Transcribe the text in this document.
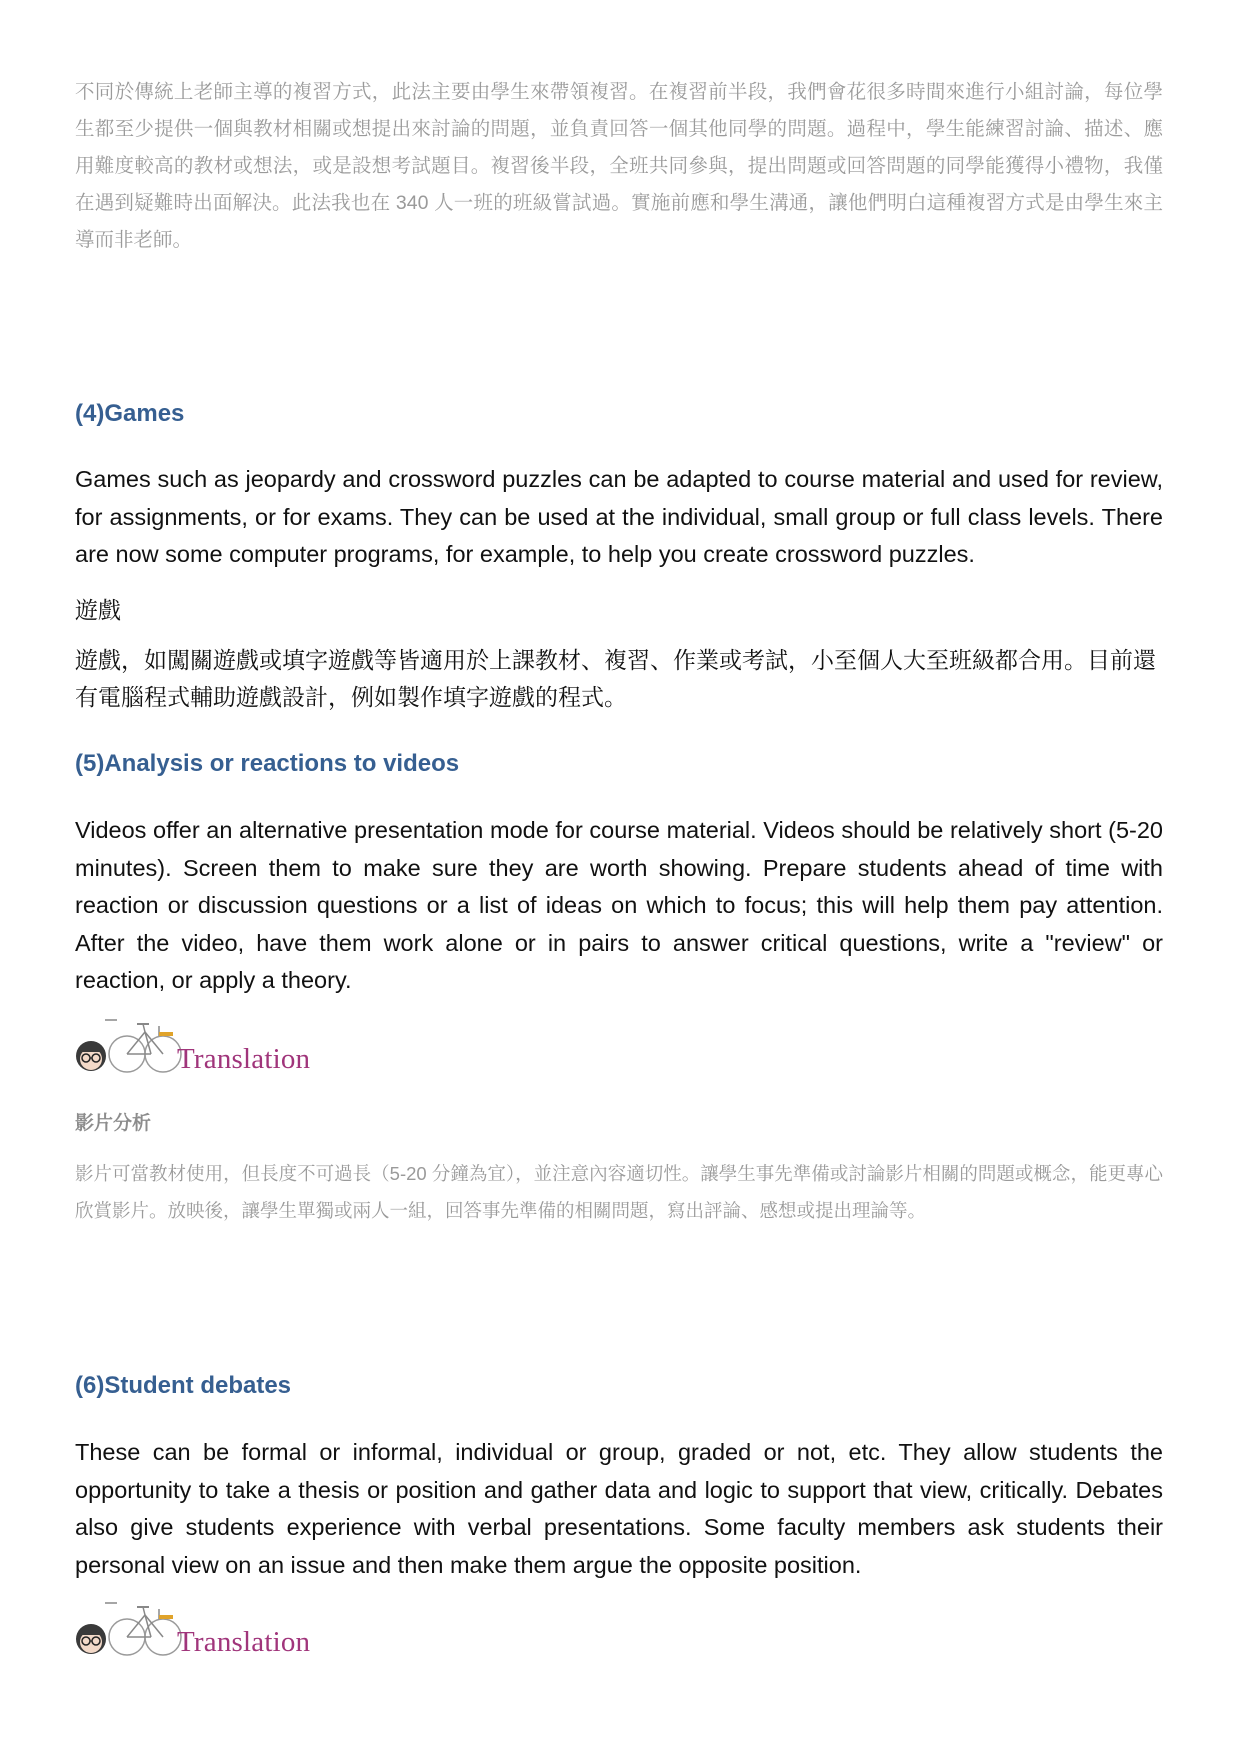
不同於傳統上老師主導的複習方式，此法主要由學生來帶領複習。在複習前半段，我們會花很多時間來進行小組討論，每位學生都至少提供一個與教材相關或想提出來討論的問題，並負責回答一個其他同學的問題。過程中，學生能練習討論、描述、應用難度較高的教材或想法，或是設想考試題目。複習後半段，全班共同參與，提出問題或回答問題的同學能獲得小禮物，我僅在遇到疑難時出面解決。此法我也在 340 人一班的班級嘗試過。實施前應和學生溝通，讓他們明白這種複習方式是由學生來主導而非老師。

(4)Games

Games such as jeopardy and crossword puzzles can be adapted to course material and used for review, for assignments, or for exams. They can be used at the individual, small group or full class levels. There are now some computer programs, for example, to help you create crossword puzzles.

遊戲

遊戲，如闖關遊戲或填字遊戲等皆適用於上課教材、複習、作業或考試，小至個人大至班級都合用。目前還有電腦程式輔助遊戲設計，例如製作填字遊戲的程式。

(5)Analysis or reactions to videos

Videos offer an alternative presentation mode for course material. Videos should be relatively short (5-20 minutes). Screen them to make sure they are worth showing. Prepare students ahead of time with reaction or discussion questions or a list of ideas on which to focus; this will help them pay attention. After the video, have them work alone or in pairs to answer critical questions, write a "review" or reaction, or apply a theory.

Translation

影片分析

影片可當教材使用，但長度不可過長（5-20 分鐘為宜），並注意內容適切性。讓學生事先準備或討論影片相關的問題或概念，能更專心欣賞影片。放映後，讓學生單獨或兩人一組，回答事先準備的相關問題，寫出評論、感想或提出理論等。

(6)Student debates

These can be formal or informal, individual or group, graded or not, etc. They allow students the opportunity to take a thesis or position and gather data and logic to support that view, critically. Debates also give students experience with verbal presentations. Some faculty members ask students their personal view on an issue and then make them argue the opposite position.

Translation
